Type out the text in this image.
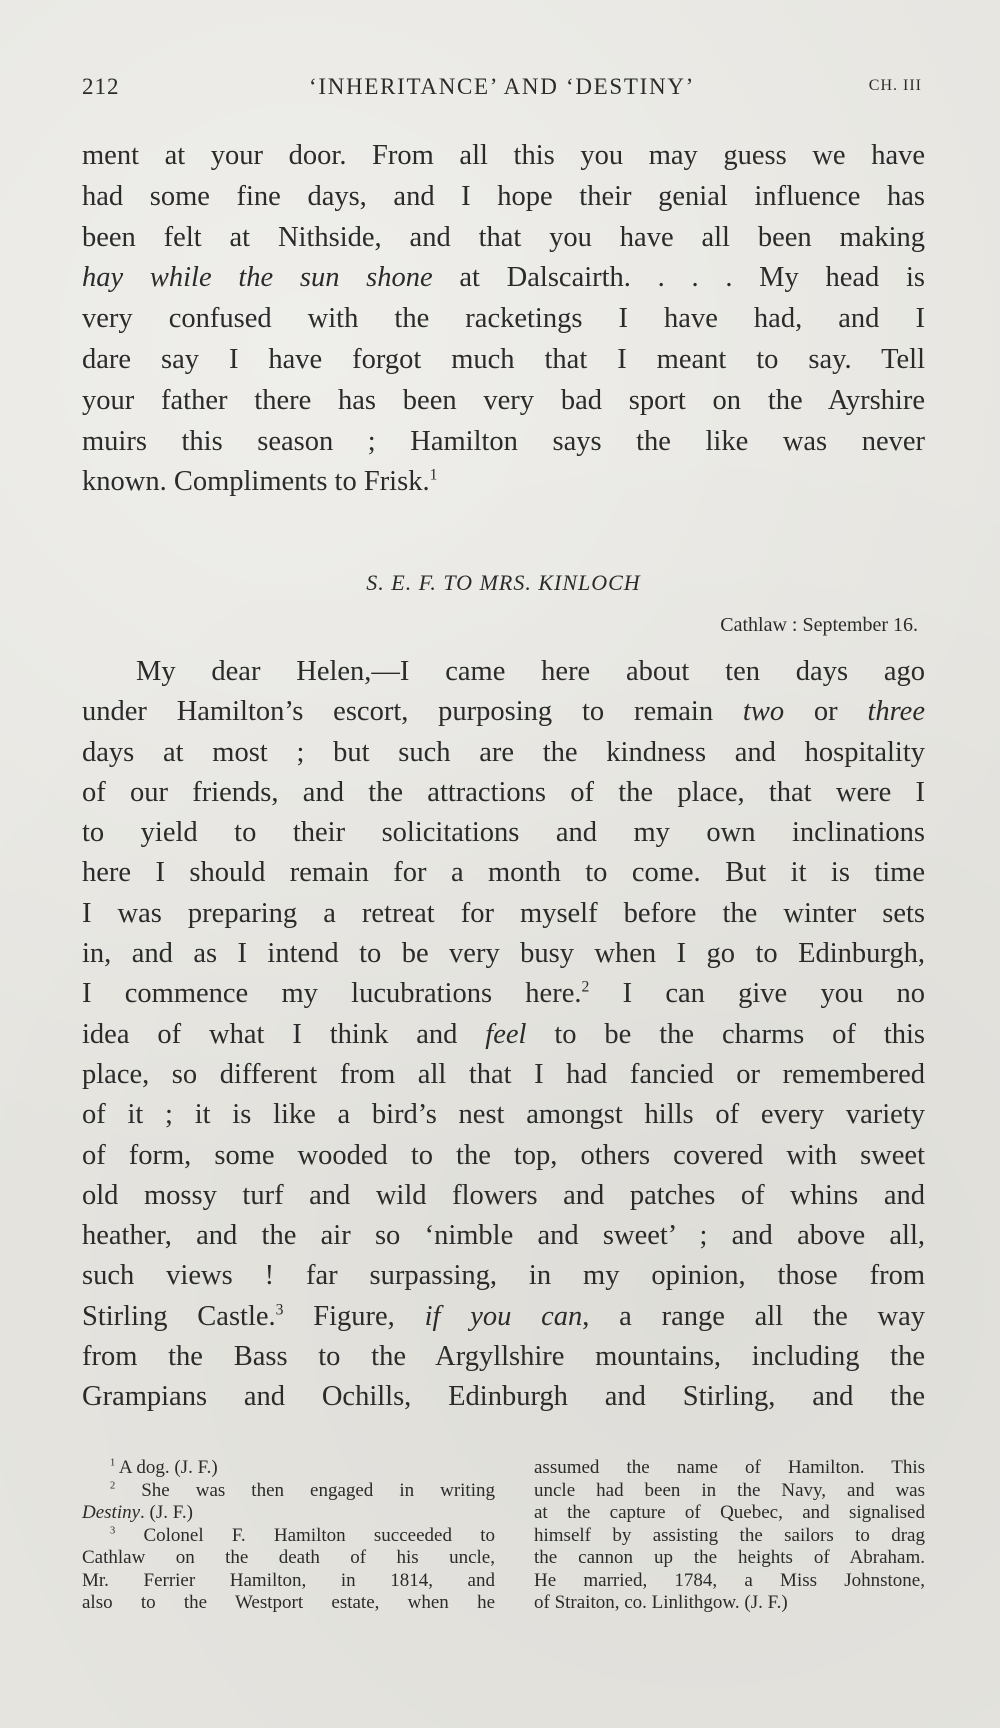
212	‘INHERITANCE’ AND ‘DESTINY’	CH. III
ment at your door. From all this you may guess we have
had some fine days, and I hope their genial influence has
been felt at Nithside, and that you have all been making
hay while the sun shone at Dalscairth. . . . My head is
very confused with the racketings I have had, and I
dare say I have forgot much that I meant to say. Tell
your father there has been very bad sport on the Ayrshire
muirs this season ; Hamilton says the like was never
known. Compliments to Frisk.$^1$
S. E. F. TO MRS. KINLOCH
Cathlaw : September 16.
My dear Helen,—I came here about ten days ago
under Hamilton’s escort, purposing to remain two or three
days at most ; but such are the kindness and hospitality
of our friends, and the attractions of the place, that were I
to yield to their solicitations and my own inclinations
here I should remain for a month to come. But it is time
I was preparing a retreat for myself before the winter sets
in, and as I intend to be very busy when I go to Edinburgh,
I commence my lucubrations here.$^2$ I can give you no
idea of what I think and feel to be the charms of this
place, so different from all that I had fancied or remembered
of it ; it is like a bird’s nest amongst hills of every variety
of form, some wooded to the top, others covered with sweet
old mossy turf and wild flowers and patches of whins and
heather, and the air so ‘nimble and sweet’ ; and above all,
such views ! far surpassing, in my opinion, those from
Stirling Castle.$^3$ Figure, if you can, a range all the way
from the Bass to the Argyllshire mountains, including the
Grampians and Ochills, Edinburgh and Stirling, and the
$^1$ A dog. (J. F.)
$^2$ She was then engaged in writing
Destiny. (J. F.)
$^3$ Colonel F. Hamilton succeeded to
Cathlaw on the death of his uncle,
Mr. Ferrier Hamilton, in 1814, and
also to the Westport estate, when he
assumed the name of Hamilton. This
uncle had been in the Navy, and was
at the capture of Quebec, and signalised
himself by assisting the sailors to drag
the cannon up the heights of Abraham.
He married, 1784, a Miss Johnstone,
of Straiton, co. Linlithgow. (J. F.)
